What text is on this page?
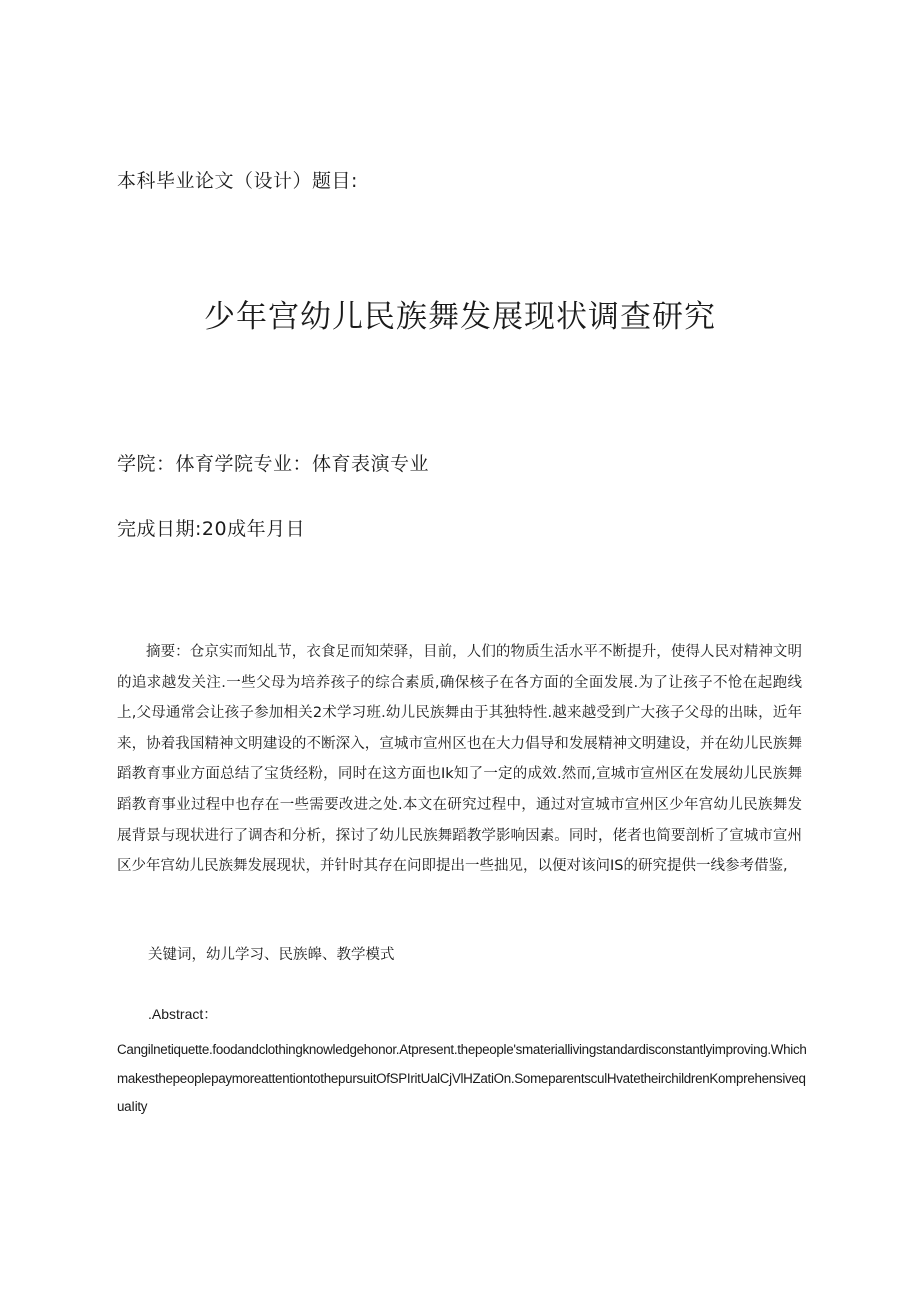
本科毕业论文（设计）题目:
少年宫幼儿民族舞发展现状调查研究
学院：体育学院专业：体育表演专业
完成日期:20成年月日

摘要：仓京实而知乩节，衣食足而知荣驿，目前，人们的物质生活水平不断提升，使得人民对精神文明的追求越发关注.一些父母为培养孩子的综合素质,确保核子在各方面的全面发展.为了让孩子不怆在起跑线上,父母通常会让孩子参加相关2术学习班.幼儿民族舞由于其独特性.越来越受到广大孩子父母的出昧，近年来，协着我国精神文明建设的不断深入，宣城市宣州区也在大力倡导和发展精神文明建设，并在幼儿民族舞蹈教育事业方面总结了宝货经粉，同时在这方面也Ik知了一定的成效.然而,宣城市宣州区在发展幼儿民族舞蹈教育事业过程中也存在一些需要改进之处.本文在研究过程中，通过对宣城市宣州区少年宫幼儿民族舞发展背景与现状进行了调杏和分析，探讨了幼儿民族舞蹈教学影响因素。同时，佬者也简要剖析了宣城市宣州区少年宫幼儿民族舞发展现状，并针时其存在问即提出一些拙见，以便对该问IS的研究提供一线参考借鉴,

关键词，幼儿学习、民族皞、教学模式
.Abstract：

Cangilnetiquette.foodandclothingknowledgehonor.Atpresent.thepeople'smateriallivingstandardisconstantlyimproving.WhichmakesthepeoplepaymoreattentiontothepursuitOfSPIritUalCjVlHZatiOn.SomeparentsculHvatetheirchildrenKomprehensivequaIity
